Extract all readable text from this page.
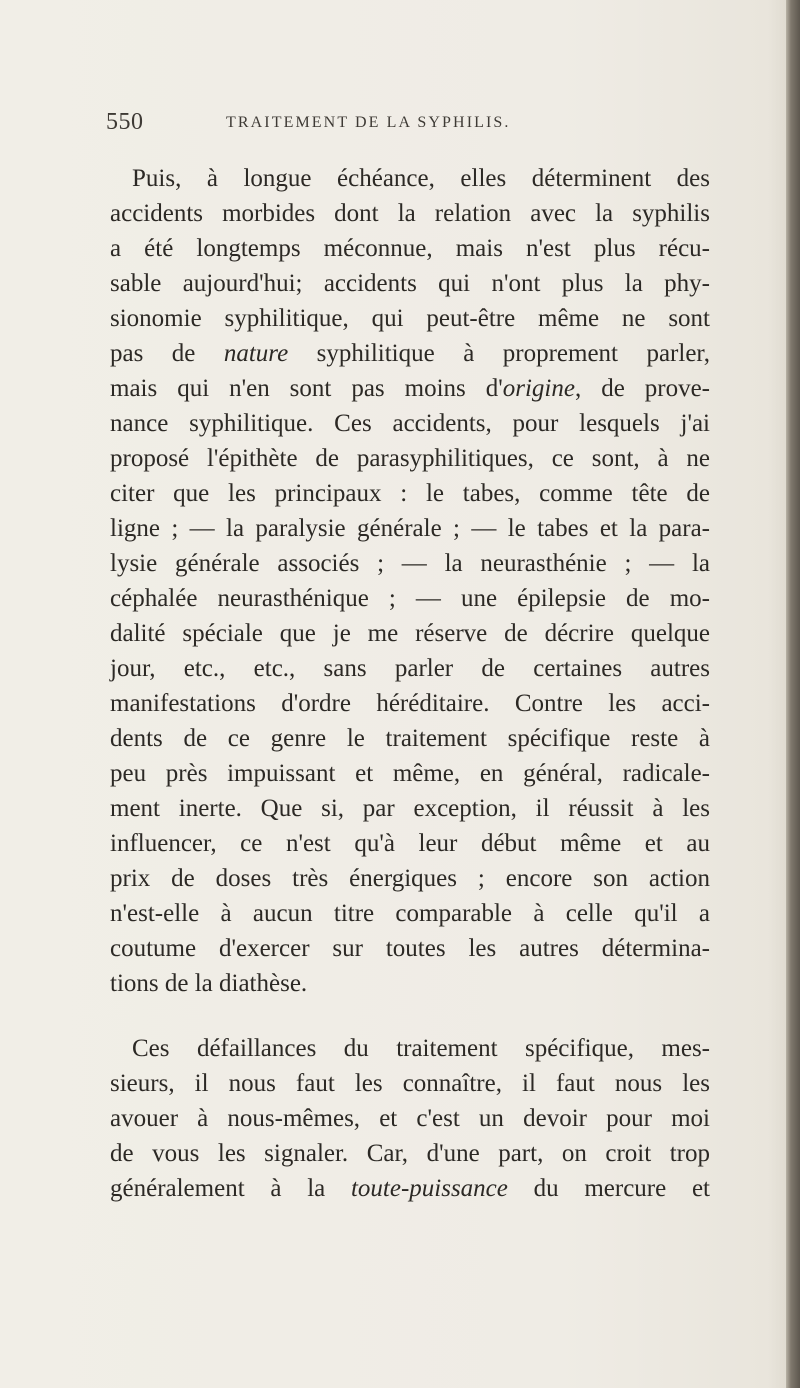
550	TRAITEMENT DE LA SYPHILIS.
Puis, à longue échéance, elles déterminent des
accidents morbides dont la relation avec la syphilis
a été longtemps méconnue, mais n'est plus récu-
sable aujourd'hui; accidents qui n'ont plus la phy-
sionomie syphilitique, qui peut-être même ne sont
pas de nature syphilitique à proprement parler,
mais qui n'en sont pas moins d'origine, de prove-
nance syphilitique. Ces accidents, pour lesquels j'ai
proposé l'épithète de parasyphilitiques, ce sont, à ne
citer que les principaux : le tabes, comme tête de
ligne ; — la paralysie générale ; — le tabes et la para-
lysie générale associés ; — la neurasthénie ; — la
céphalée neurasthénique ; — une épilepsie de mo-
dalité spéciale que je me réserve de décrire quelque
jour, etc., etc., sans parler de certaines autres
manifestations d'ordre héréditaire. Contre les acci-
dents de ce genre le traitement spécifique reste à
peu près impuissant et même, en général, radicale-
ment inerte. Que si, par exception, il réussit à les
influencer, ce n'est qu'à leur début même et au
prix de doses très énergiques ; encore son action
n'est-elle à aucun titre comparable à celle qu'il a
coutume d'exercer sur toutes les autres détermina-
tions de la diathèse.
Ces défaillances du traitement spécifique, mes-
sieurs, il nous faut les connaître, il faut nous les
avouer à nous-mêmes, et c'est un devoir pour moi
de vous les signaler. Car, d'une part, on croit trop
généralement à la toute-puissance du mercure et
